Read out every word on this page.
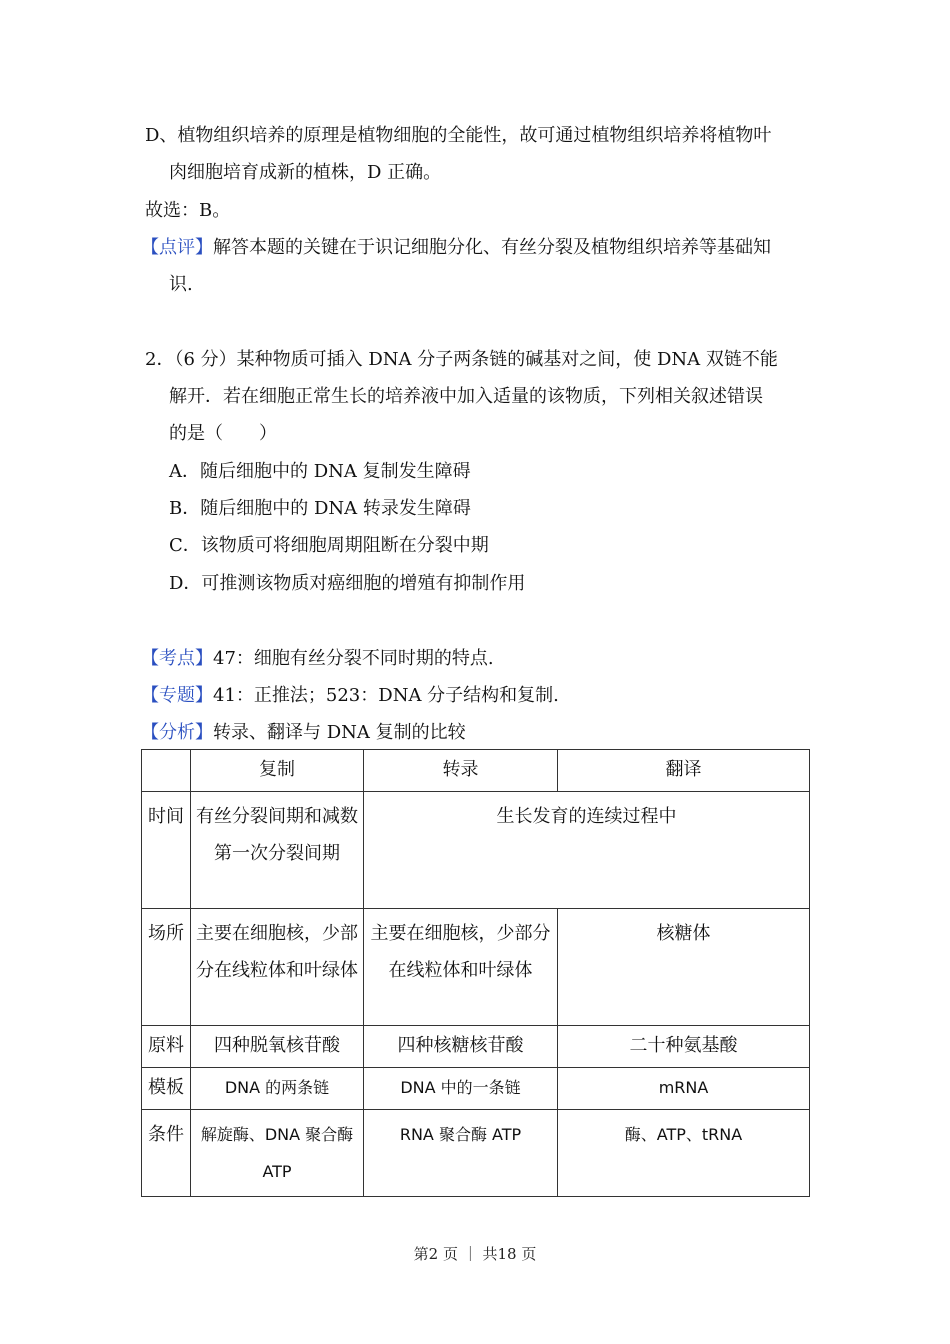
D、植物组织培养的原理是植物细胞的全能性，故可通过植物组织培养将植物叶
肉细胞培育成新的植株，D 正确。
故选：B。
【点评】解答本题的关键在于识记细胞分化、有丝分裂及植物组织培养等基础知
识.
2．（6 分）某种物质可插入 DNA 分子两条链的碱基对之间，使 DNA 双链不能
解开．若在细胞正常生长的培养液中加入适量的该物质，下列相关叙述错误
的是（　　）
A．随后细胞中的 DNA 复制发生障碍
B．随后细胞中的 DNA 转录发生障碍
C．该物质可将细胞周期阻断在分裂中期
D．可推测该物质对癌细胞的增殖有抑制作用
【考点】47：细胞有丝分裂不同时期的特点.
【专题】41：正推法；523：DNA 分子结构和复制.
【分析】转录、翻译与 DNA 复制的比较
	复制	转录	翻译
时间	有丝分裂间期和减数第一次分裂间期	生长发育的连续过程中	
场所	主要在细胞核，少部分在线粒体和叶绿体	主要在细胞核，少部分在线粒体和叶绿体	核糖体
原料	四种脱氧核苷酸	四种核糖核苷酸	二十种氨基酸
模板	DNA 的两条链	DNA 中的一条链	mRNA
条件	解旋酶、DNA 聚合酶 ATP	RNA 聚合酶 ATP	酶、ATP、tRNA
第2 页 ｜ 共18 页
